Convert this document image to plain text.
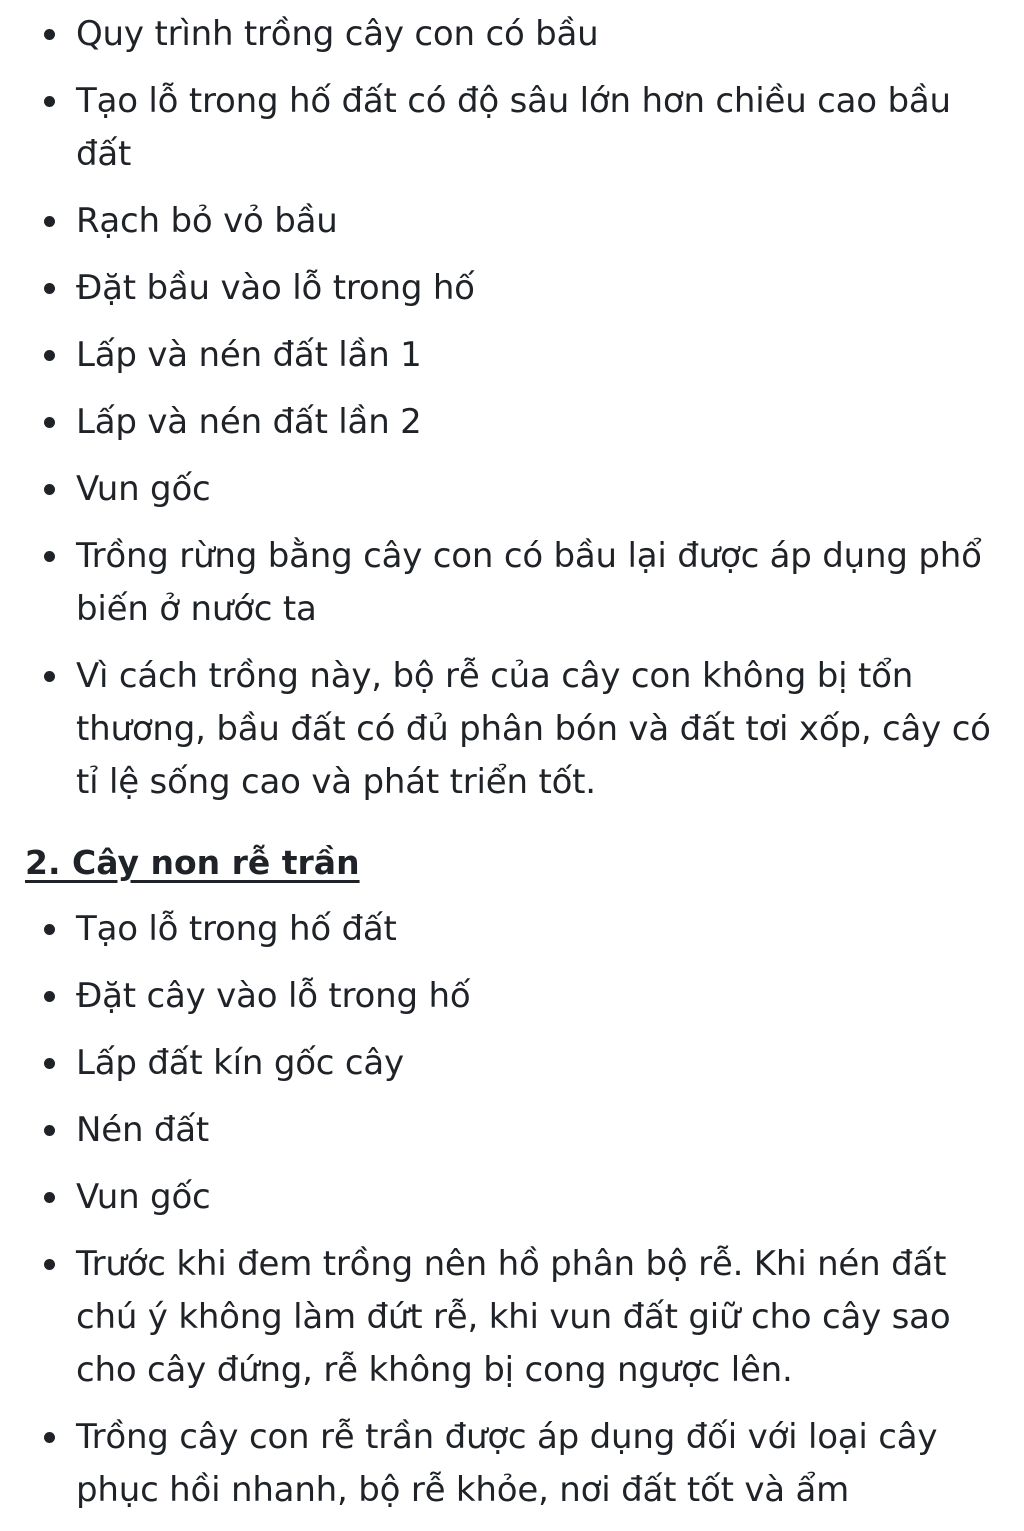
Quy trình trồng cây con có bầu
Tạo lỗ trong hố đất có độ sâu lớn hơn chiều cao bầu đất
Rạch bỏ vỏ bầu
Đặt bầu vào lỗ trong hố
Lấp và nén đất lần 1
Lấp và nén đất lần 2
Vun gốc
Trồng rừng bằng cây con có bầu lại được áp dụng phổ biến ở nước ta
Vì cách trồng này, bộ rễ của cây con không bị tổn thương, bầu đất có đủ phân bón và đất tơi xốp, cây có tỉ lệ sống cao và phát triển tốt.
2. Cây non rễ trần
Tạo lỗ trong hố đất
Đặt cây vào lỗ trong hố
Lấp đất kín gốc cây
Nén đất
Vun gốc
Trước khi đem trồng nên hồ phân bộ rễ. Khi nén đất chú ý không làm đứt rễ, khi vun đất giữ cho cây sao cho cây đứng, rễ không bị cong ngược lên.
Trồng cây con rễ trần được áp dụng đối với loại cây phục hồi nhanh, bộ rễ khỏe, nơi đất tốt và ẩm
